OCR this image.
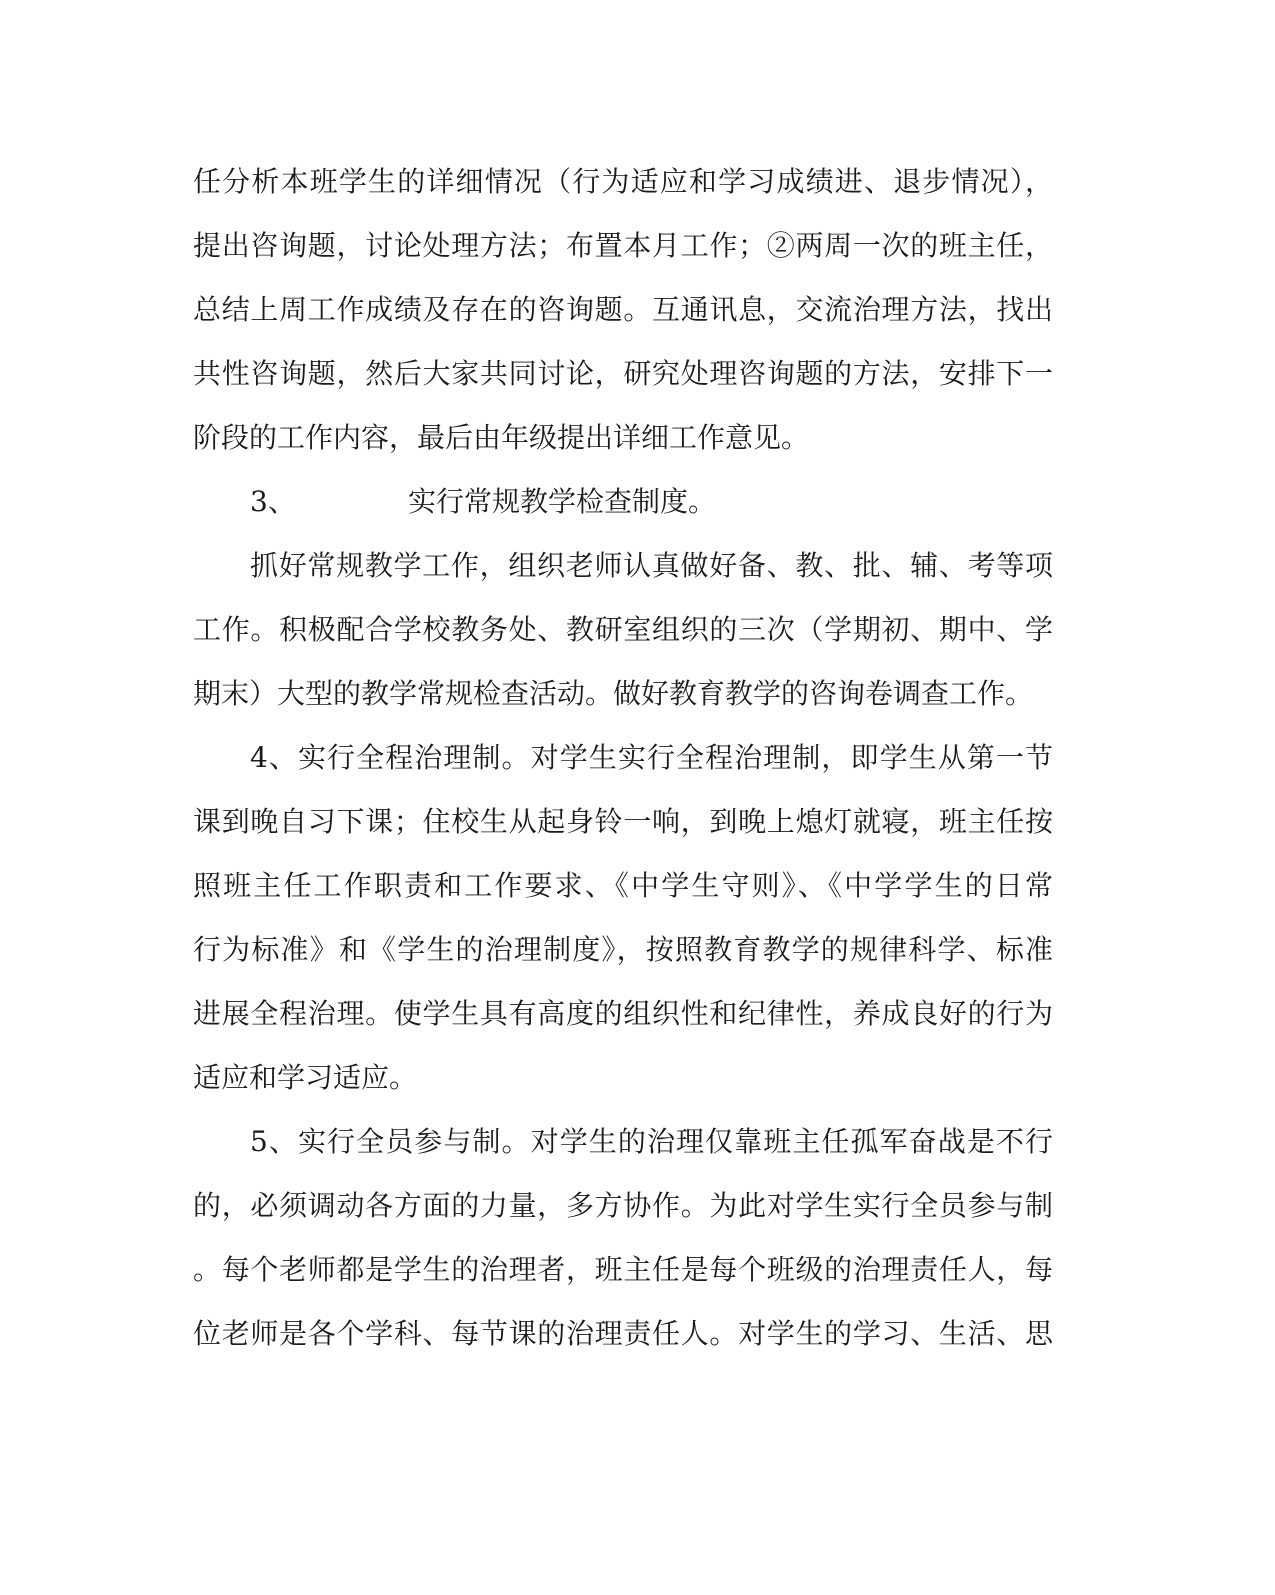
任分析本班学生的详细情况（行为适应和学习成绩进、退步情况），
提出咨询题，讨论处理方法；布置本月工作；②两周一次的班主任，
总结上周工作成绩及存在的咨询题。互通讯息，交流治理方法，找出
共性咨询题，然后大家共同讨论，研究处理咨询题的方法，安排下一
阶段的工作内容，最后由年级提出详细工作意见。
3、	实行常规教学检查制度。
抓好常规教学工作，组织老师认真做好备、教、批、辅、考等项
工作。积极配合学校教务处、教研室组织的三次（学期初、期中、学
期末）大型的教学常规检查活动。做好教育教学的咨询卷调查工作。
4、实行全程治理制。对学生实行全程治理制，即学生从第一节
课到晚自习下课；住校生从起身铃一响，到晚上熄灯就寝，班主任按
照班主任工作职责和工作要求、《中学生守则》、《中学学生的日常
行为标准》和《学生的治理制度》，按照教育教学的规律科学、标准
进展全程治理。使学生具有高度的组织性和纪律性，养成良好的行为
适应和学习适应。
5、实行全员参与制。对学生的治理仅靠班主任孤军奋战是不行
的，必须调动各方面的力量，多方协作。为此对学生实行全员参与制
。每个老师都是学生的治理者，班主任是每个班级的治理责任人，每
位老师是各个学科、每节课的治理责任人。对学生的学习、生活、思
